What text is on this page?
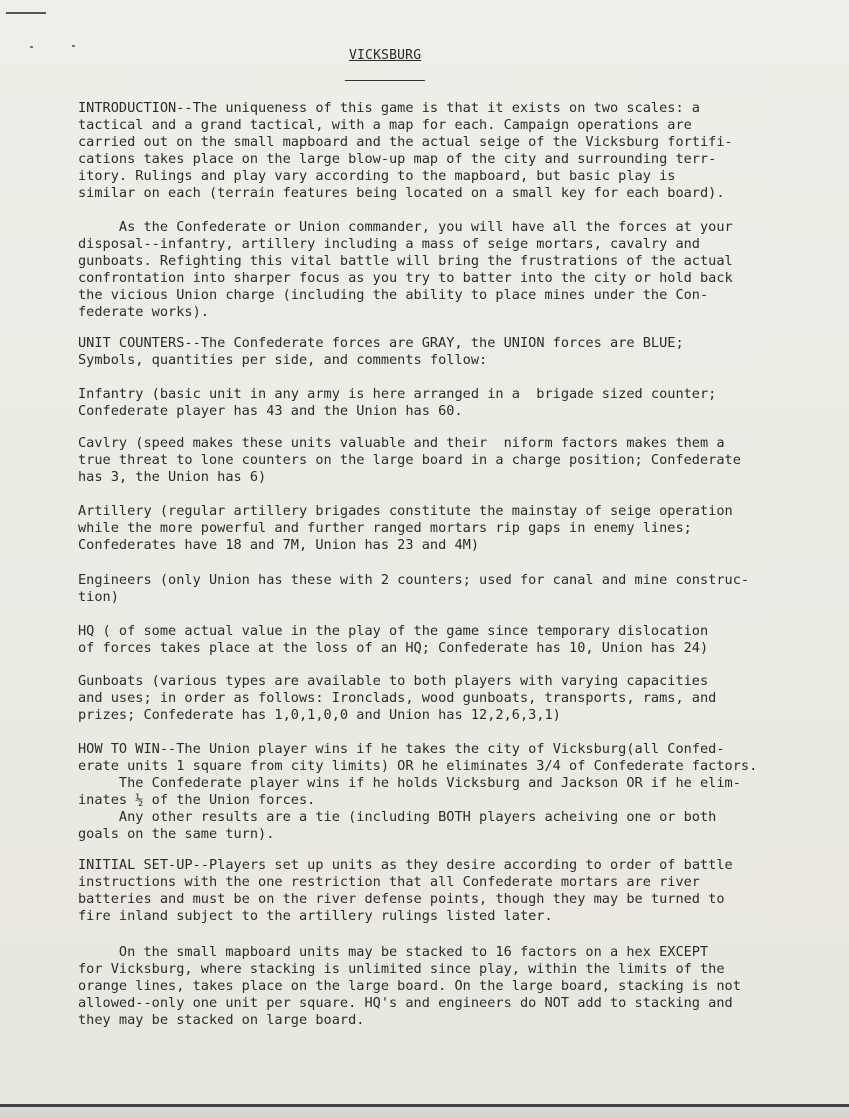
VICKSBURG
INTRODUCTION--The uniqueness of this game is that it exists on two scales: a
tactical and a grand tactical, with a map for each. Campaign operations are
carried out on the small mapboard and the actual seige of the Vicksburg fortifi-
cations takes place on the large blow-up map of the city and surrounding terr-
itory. Rulings and play vary according to the mapboard, but basic play is
similar on each (terrain features being located on a small key for each board).
As the Confederate or Union commander, you will have all the forces at your
disposal--infantry, artillery including a mass of seige mortars, cavalry and
gunboats. Refighting this vital battle will bring the frustrations of the actual
confrontation into sharper focus as you try to batter into the city or hold back
the vicious Union charge (including the ability to place mines under the Con-
federate works).
UNIT COUNTERS--The Confederate forces are GRAY, the UNION forces are BLUE;
Symbols, quantities per side, and comments follow:
Infantry (basic unit in any army is here arranged in a  brigade sized counter;
Confederate player has 43 and the Union has 60.
Cavlry (speed makes these units valuable and their  niform factors makes them a
true threat to lone counters on the large board in a charge position; Confederate
has 3, the Union has 6)
Artillery (regular artillery brigades constitute the mainstay of seige operation
while the more powerful and further ranged mortars rip gaps in enemy lines;
Confederates have 18 and 7M, Union has 23 and 4M)
Engineers (only Union has these with 2 counters; used for canal and mine construc-
tion)
HQ ( of some actual value in the play of the game since temporary dislocation
of forces takes place at the loss of an HQ; Confederate has 10, Union has 24)
Gunboats (various types are available to both players with varying capacities
and uses; in order as follows: Ironclads, wood gunboats, transports, rams, and
prizes; Confederate has 1,0,1,0,0 and Union has 12,2,6,3,1)
HOW TO WIN--The Union player wins if he takes the city of Vicksburg(all Confed-
erate units 1 square from city limits) OR he eliminates 3/4 of Confederate factors.
The Confederate player wins if he holds Vicksburg and Jackson OR if he elim-
inates ½ of the Union forces.
Any other results are a tie (including BOTH players acheiving one or both
goals on the same turn).
INITIAL SET-UP--Players set up units as they desire according to order of battle
instructions with the one restriction that all Confederate mortars are river
batteries and must be on the river defense points, though they may be turned to
fire inland subject to the artillery rulings listed later.
On the small mapboard units may be stacked to 16 factors on a hex EXCEPT
for Vicksburg, where stacking is unlimited since play, within the limits of the
orange lines, takes place on the large board. On the large board, stacking is not
allowed--only one unit per square. HQ's and engineers do NOT add to stacking and
they may be stacked on large board.
